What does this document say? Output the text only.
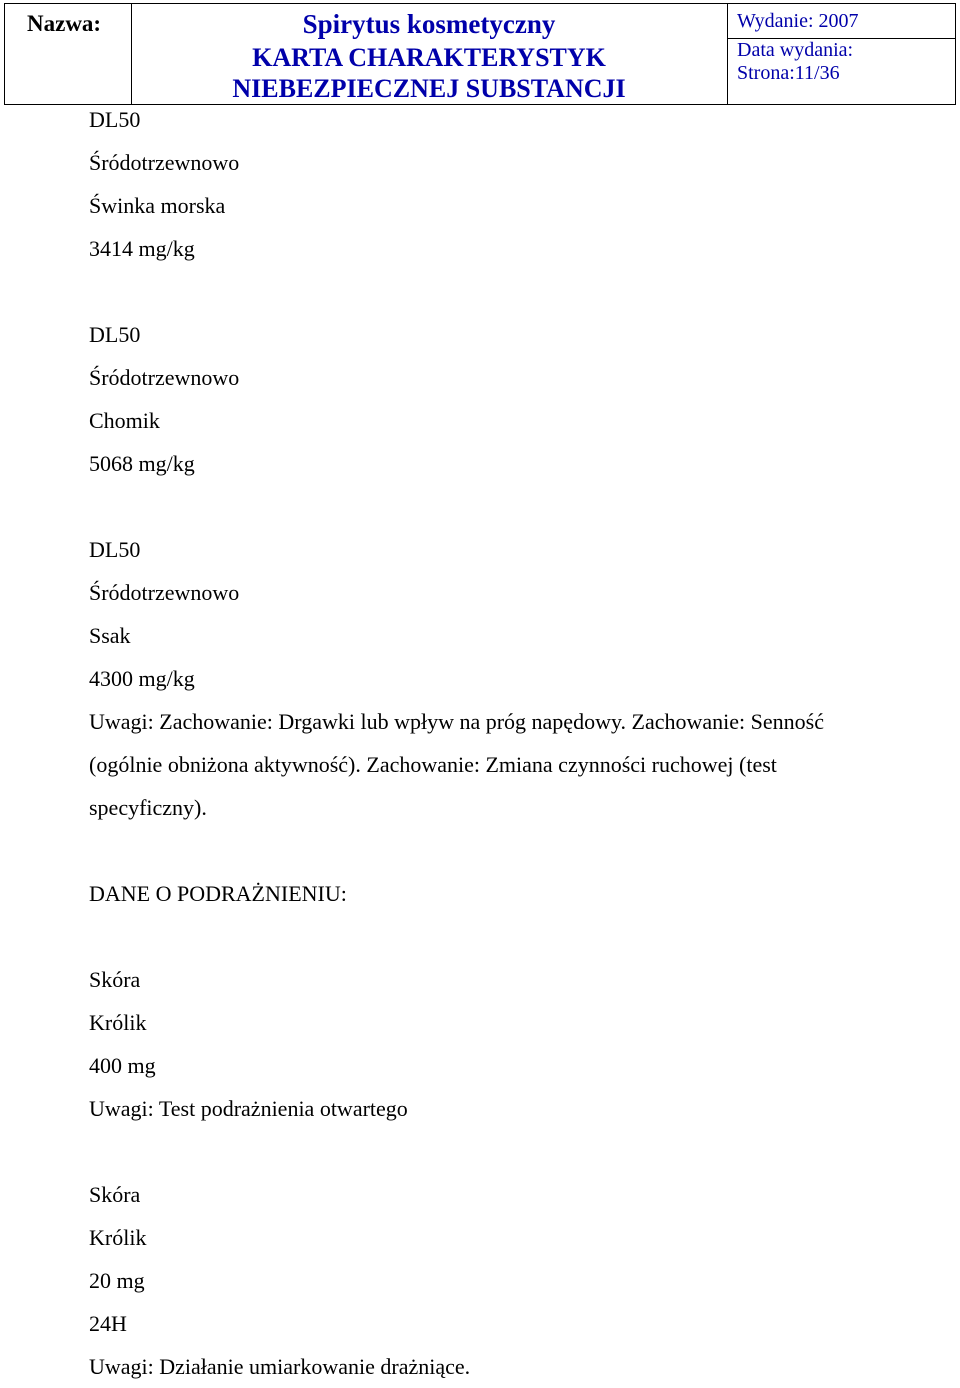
Nazwa:	Spirytus kosmetyczny
KARTA CHARAKTERYSTYK
NIEBEZPIECZNEJ SUBSTANCJI
Wydanie: 2007
Data wydania:
Strona:11/36

DL50

Śródotrzewnowo

Świnka morska

3414 mg/kg

DL50

Śródotrzewnowo

Chomik

5068 mg/kg

DL50

Śródotrzewnowo

Ssak

4300 mg/kg

Uwagi: Zachowanie: Drgawki lub wpływ na próg napędowy. Zachowanie: Senność

(ogólnie obniżona aktywność). Zachowanie: Zmiana czynności ruchowej (test

specyficzny).

DANE O PODRAŻNIENIU:

Skóra

Królik

400 mg

Uwagi: Test podrażnienia otwartego

Skóra

Królik

20 mg

24H

Uwagi: Działanie umiarkowanie drażniące.
